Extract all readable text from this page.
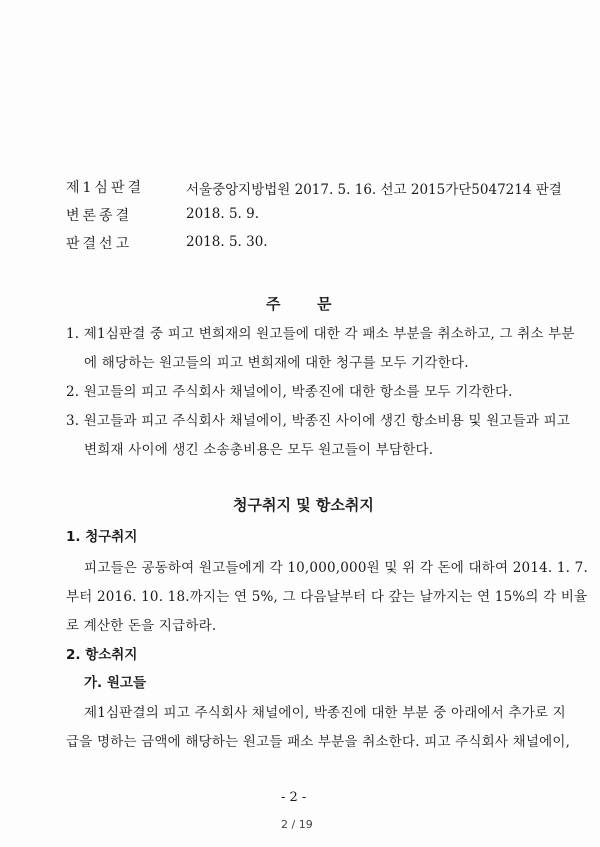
제1심판결	서울중앙지방법원 2017. 5. 16. 선고 2015가단5047214 판결
변론종결	2018. 5. 9.
판결선고	2018. 5. 30.
주       문
1. 제1심판결 중 피고 변희재의 원고들에 대한 각 패소 부분을 취소하고, 그 취소 부분
에 해당하는 원고들의 피고 변희재에 대한 청구를 모두 기각한다.
2. 원고들의 피고 주식회사 채널에이, 박종진에 대한 항소를 모두 기각한다.
3. 원고들과 피고 주식회사 채널에이, 박종진 사이에 생긴 항소비용 및 원고들과 피고
변희재 사이에 생긴 소송총비용은 모두 원고들이 부담한다.
청구취지 및 항소취지
1. 청구취지
피고들은 공동하여 원고들에게 각 10,000,000원 및 위 각 돈에 대하여 2014. 1. 7.
부터 2016. 10. 18.까지는 연 5%, 그 다음날부터 다 갚는 날까지는 연 15%의 각 비율
로 계산한 돈을 지급하라.
2. 항소취지
가. 원고들
제1심판결의 피고 주식회사 채널에이, 박종진에 대한 부분 중 아래에서 추가로 지
급을 명하는 금액에 해당하는 원고들 패소 부분을 취소한다. 피고 주식회사 채널에이,
- 2 -
2 / 19
